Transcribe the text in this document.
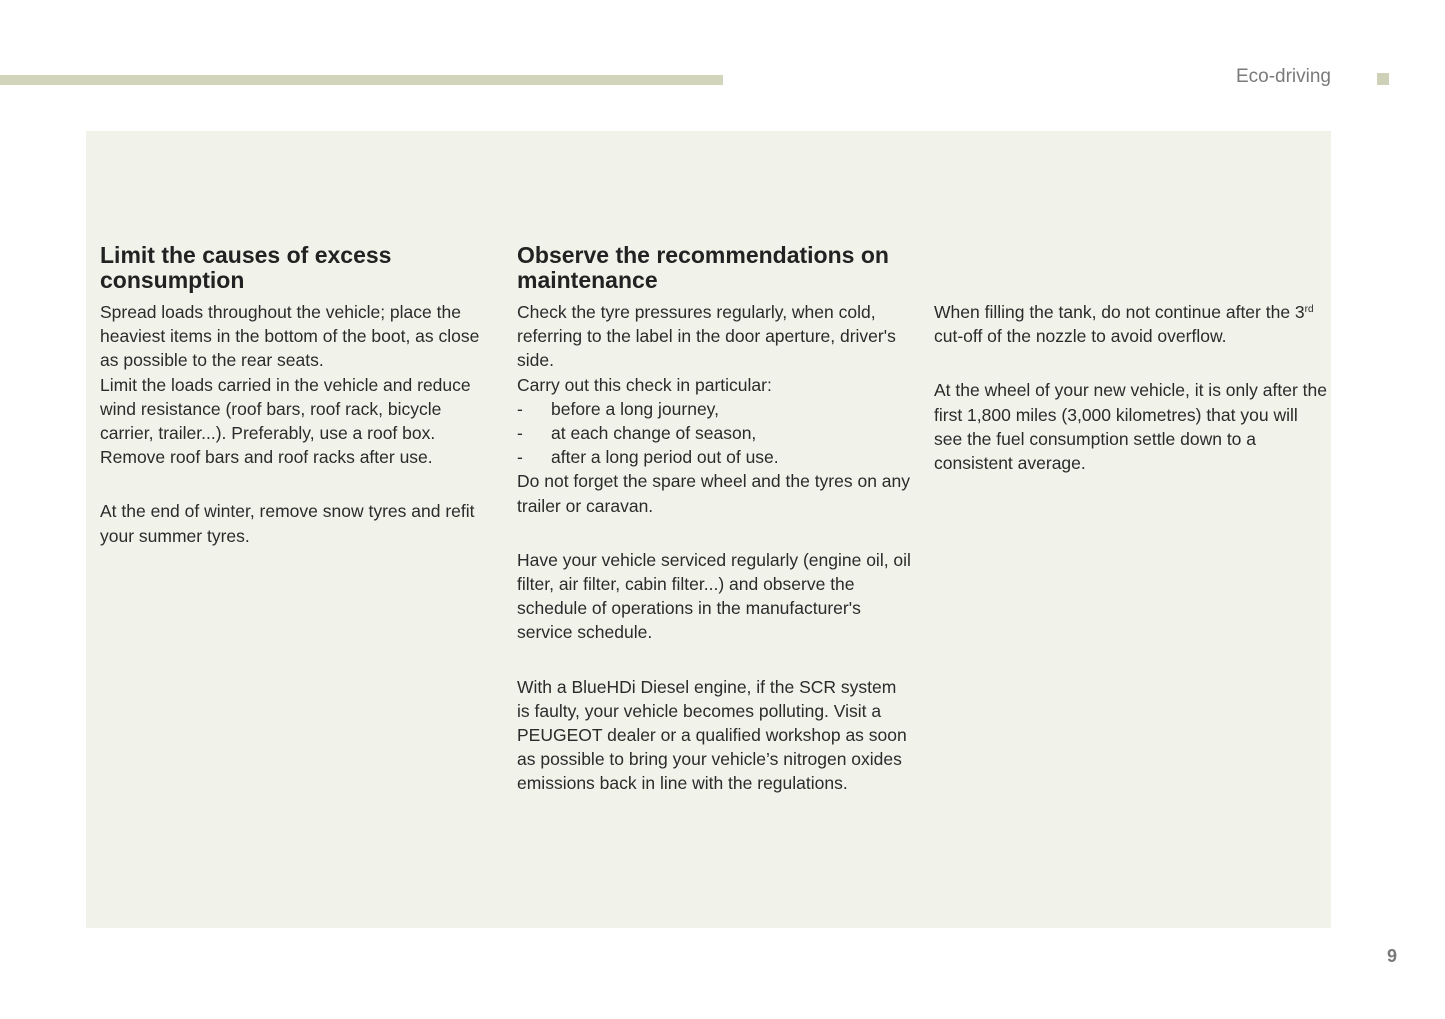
Eco-driving
Limit the causes of excess consumption

Spread loads throughout the vehicle; place the heaviest items in the bottom of the boot, as close as possible to the rear seats.

Limit the loads carried in the vehicle and reduce wind resistance (roof bars, roof rack, bicycle carrier, trailer...). Preferably, use a roof box.

Remove roof bars and roof racks after use.

At the end of winter, remove snow tyres and refit your summer tyres.

Observe the recommendations on maintenance

Check the tyre pressures regularly, when cold, referring to the label in the door aperture, driver's side.

Carry out this check in particular:

- before a long journey,
- at each change of season,
- after a long period out of use.

Do not forget the spare wheel and the tyres on any trailer or caravan.

Have your vehicle serviced regularly (engine oil, oil filter, air filter, cabin filter...) and observe the schedule of operations in the manufacturer's service schedule.

With a BlueHDi Diesel engine, if the SCR system is faulty, your vehicle becomes polluting. Visit a PEUGEOT dealer or a qualified workshop as soon as possible to bring your vehicle’s nitrogen oxides emissions back in line with the regulations.

When filling the tank, do not continue after the 3rd cut-off of the nozzle to avoid overflow.

At the wheel of your new vehicle, it is only after the first 1,800 miles (3,000 kilometres) that you will see the fuel consumption settle down to a consistent average.

9
